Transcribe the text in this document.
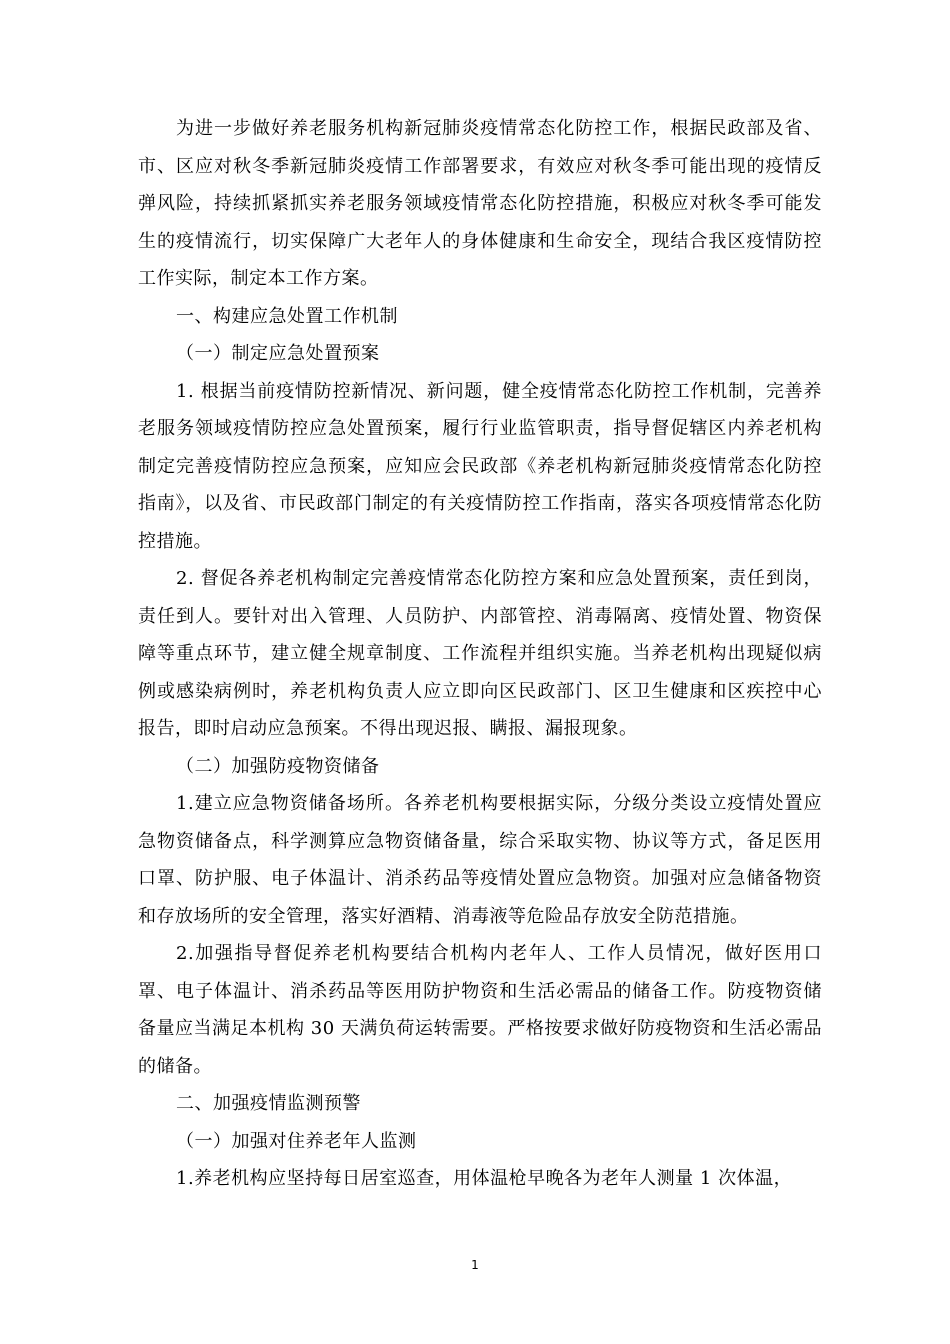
为进一步做好养老服务机构新冠肺炎疫情常态化防控工作，根据民政部及省、市、区应对秋冬季新冠肺炎疫情工作部署要求，有效应对秋冬季可能出现的疫情反弹风险，持续抓紧抓实养老服务领域疫情常态化防控措施，积极应对秋冬季可能发生的疫情流行，切实保障广大老年人的身体健康和生命安全，现结合我区疫情防控工作实际，制定本工作方案。

一、构建应急处置工作机制

（一）制定应急处置预案

1. 根据当前疫情防控新情况、新问题，健全疫情常态化防控工作机制，完善养老服务领域疫情防控应急处置预案，履行行业监管职责，指导督促辖区内养老机构制定完善疫情防控应急预案，应知应会民政部《养老机构新冠肺炎疫情常态化防控指南》，以及省、市民政部门制定的有关疫情防控工作指南，落实各项疫情常态化防控措施。

2. 督促各养老机构制定完善疫情常态化防控方案和应急处置预案，责任到岗，责任到人。要针对出入管理、人员防护、内部管控、消毒隔离、疫情处置、物资保障等重点环节，建立健全规章制度、工作流程并组织实施。当养老机构出现疑似病例或感染病例时，养老机构负责人应立即向区民政部门、区卫生健康和区疾控中心报告，即时启动应急预案。不得出现迟报、瞒报、漏报现象。

（二）加强防疫物资储备

1.建立应急物资储备场所。各养老机构要根据实际，分级分类设立疫情处置应急物资储备点，科学测算应急物资储备量，综合采取实物、协议等方式，备足医用口罩、防护服、电子体温计、消杀药品等疫情处置应急物资。加强对应急储备物资和存放场所的安全管理，落实好酒精、消毒液等危险品存放安全防范措施。

2.加强指导督促养老机构要结合机构内老年人、工作人员情况，做好医用口罩、电子体温计、消杀药品等医用防护物资和生活必需品的储备工作。防疫物资储备量应当满足本机构 30 天满负荷运转需要。严格按要求做好防疫物资和生活必需品的储备。

二、加强疫情监测预警

（一）加强对住养老年人监测

1.养老机构应坚持每日居室巡查，用体温枪早晚各为老年人测量 1 次体温，

1
